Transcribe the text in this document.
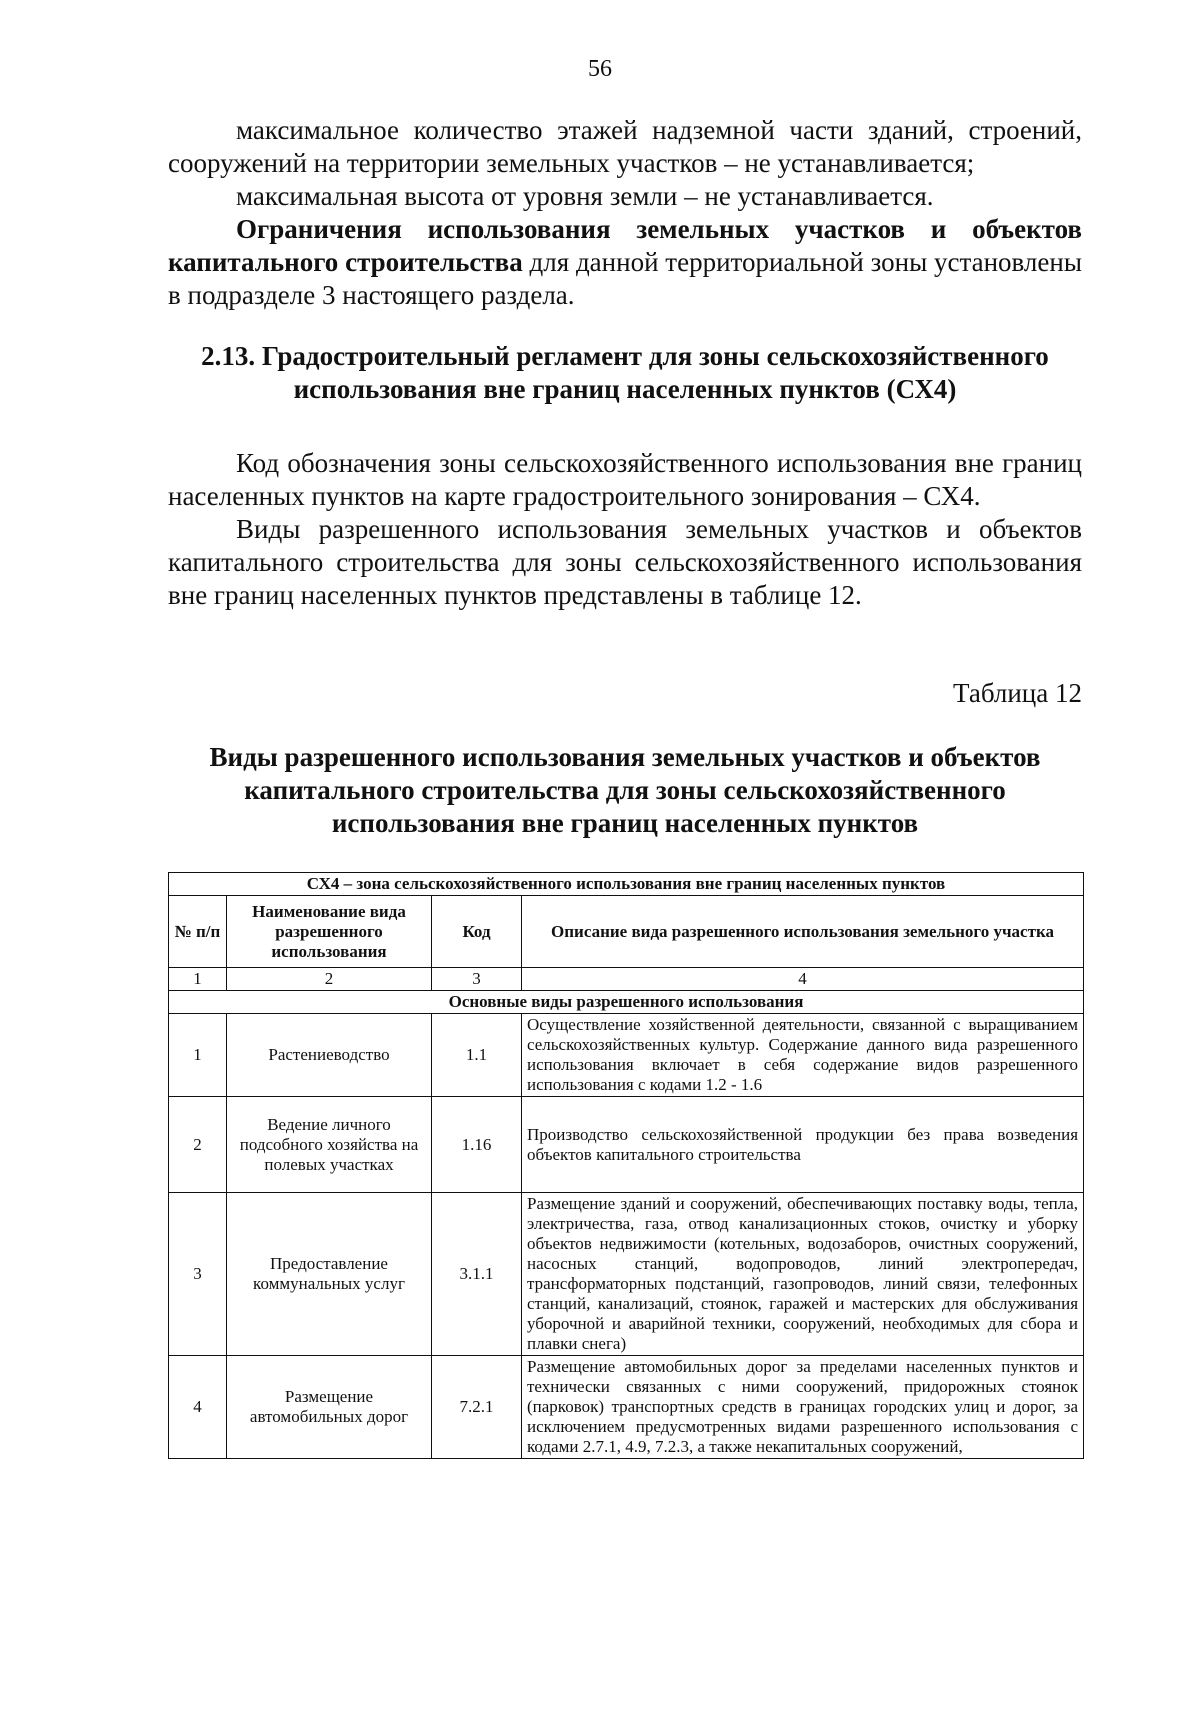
56

максимальное количество этажей надземной части зданий, строений, сооружений на территории земельных участков – не устанавливается;

максимальная высота от уровня земли – не устанавливается.

Ограничения использования земельных участков и объектов капитального строительства для данной территориальной зоны установлены в подразделе 3 настоящего раздела.

2.13. Градостроительный регламент для зоны сельскохозяйственного
использования вне границ населенных пунктов (СХ4)

Код обозначения зоны сельскохозяйственного использования вне границ населенных пунктов на карте градостроительного зонирования – СХ4.

Виды разрешенного использования земельных участков и объектов капитального строительства для зоны сельскохозяйственного использования вне границ населенных пунктов представлены в таблице 12.

Таблица 12
Виды разрешенного использования земельных участков и объектов
капитального строительства для зоны сельскохозяйственного
использования вне границ населенных пунктов
СХ4 – зона сельскохозяйственного использования вне границ населенных пунктов			
№ п/п	Наименование вида разрешенного использования	Код	Описание вида разрешенного использования земельного участка
1	2	3	4
Основные виды разрешенного использования			
1	Растениеводство	1.1	Осуществление хозяйственной деятельности, связанной с выращиванием сельскохозяйственных культур. Содержание данного вида разрешенного использования включает в себя содержание видов разрешенного использования с кодами 1.2 - 1.6
2	Ведение личного подсобного хозяйства на полевых участках	1.16	Производство сельскохозяйственной продукции без права возведения объектов капитального строительства
3	Предоставление коммунальных услуг	3.1.1	Размещение зданий и сооружений, обеспечивающих поставку воды, тепла, электричества, газа, отвод канализационных стоков, очистку и уборку объектов недвижимости (котельных, водозаборов, очистных сооружений, насосных станций, водопроводов, линий электропередач, трансформаторных подстанций, газопроводов, линий связи, телефонных станций, канализаций, стоянок, гаражей и мастерских для обслуживания уборочной и аварийной техники, сооружений, необходимых для сбора и плавки снега)
4	Размещение автомобильных дорог	7.2.1	Размещение автомобильных дорог за пределами населенных пунктов и технически связанных с ними сооружений, придорожных стоянок (парковок) транспортных средств в границах городских улиц и дорог, за исключением предусмотренных видами разрешенного использования с кодами 2.7.1, 4.9, 7.2.3, а также некапитальных сооружений,
